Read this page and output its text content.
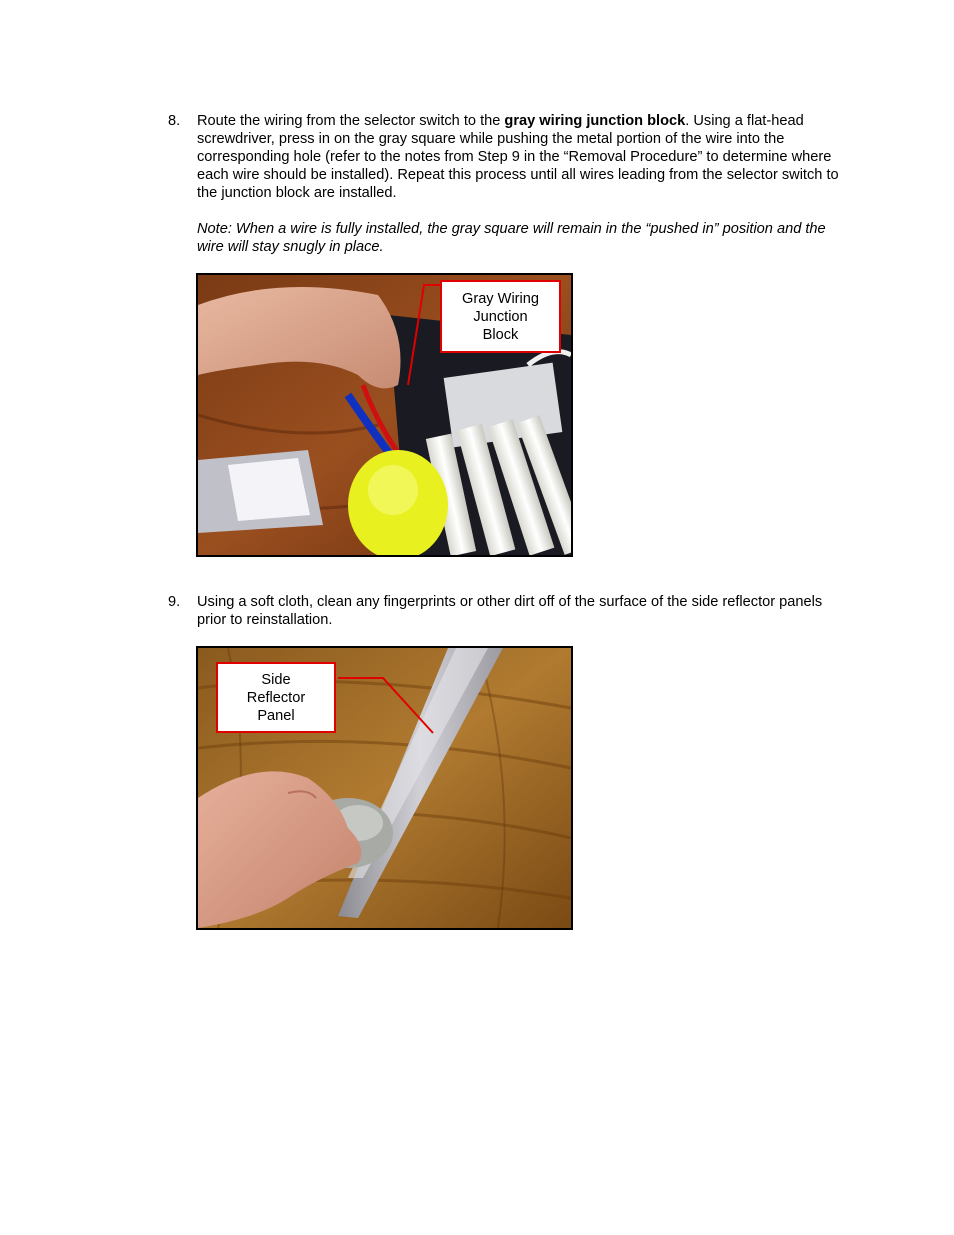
8. Route the wiring from the selector switch to the gray wiring junction block. Using a flat-head screwdriver, press in on the gray square while pushing the metal portion of the wire into the corresponding hole (refer to the notes from Step 9 in the “Removal Procedure” to determine where each wire should be installed). Repeat this process until all wires leading from the selector switch to the junction block are installed.
Note: When a wire is fully installed, the gray square will remain in the “pushed in” position and the wire will stay snugly in place.
Gray Wiring
Junction
Block
9. Using a soft cloth, clean any fingerprints or other dirt off of the surface of the side reflector panels prior to reinstallation.
Side
Reflector
Panel
